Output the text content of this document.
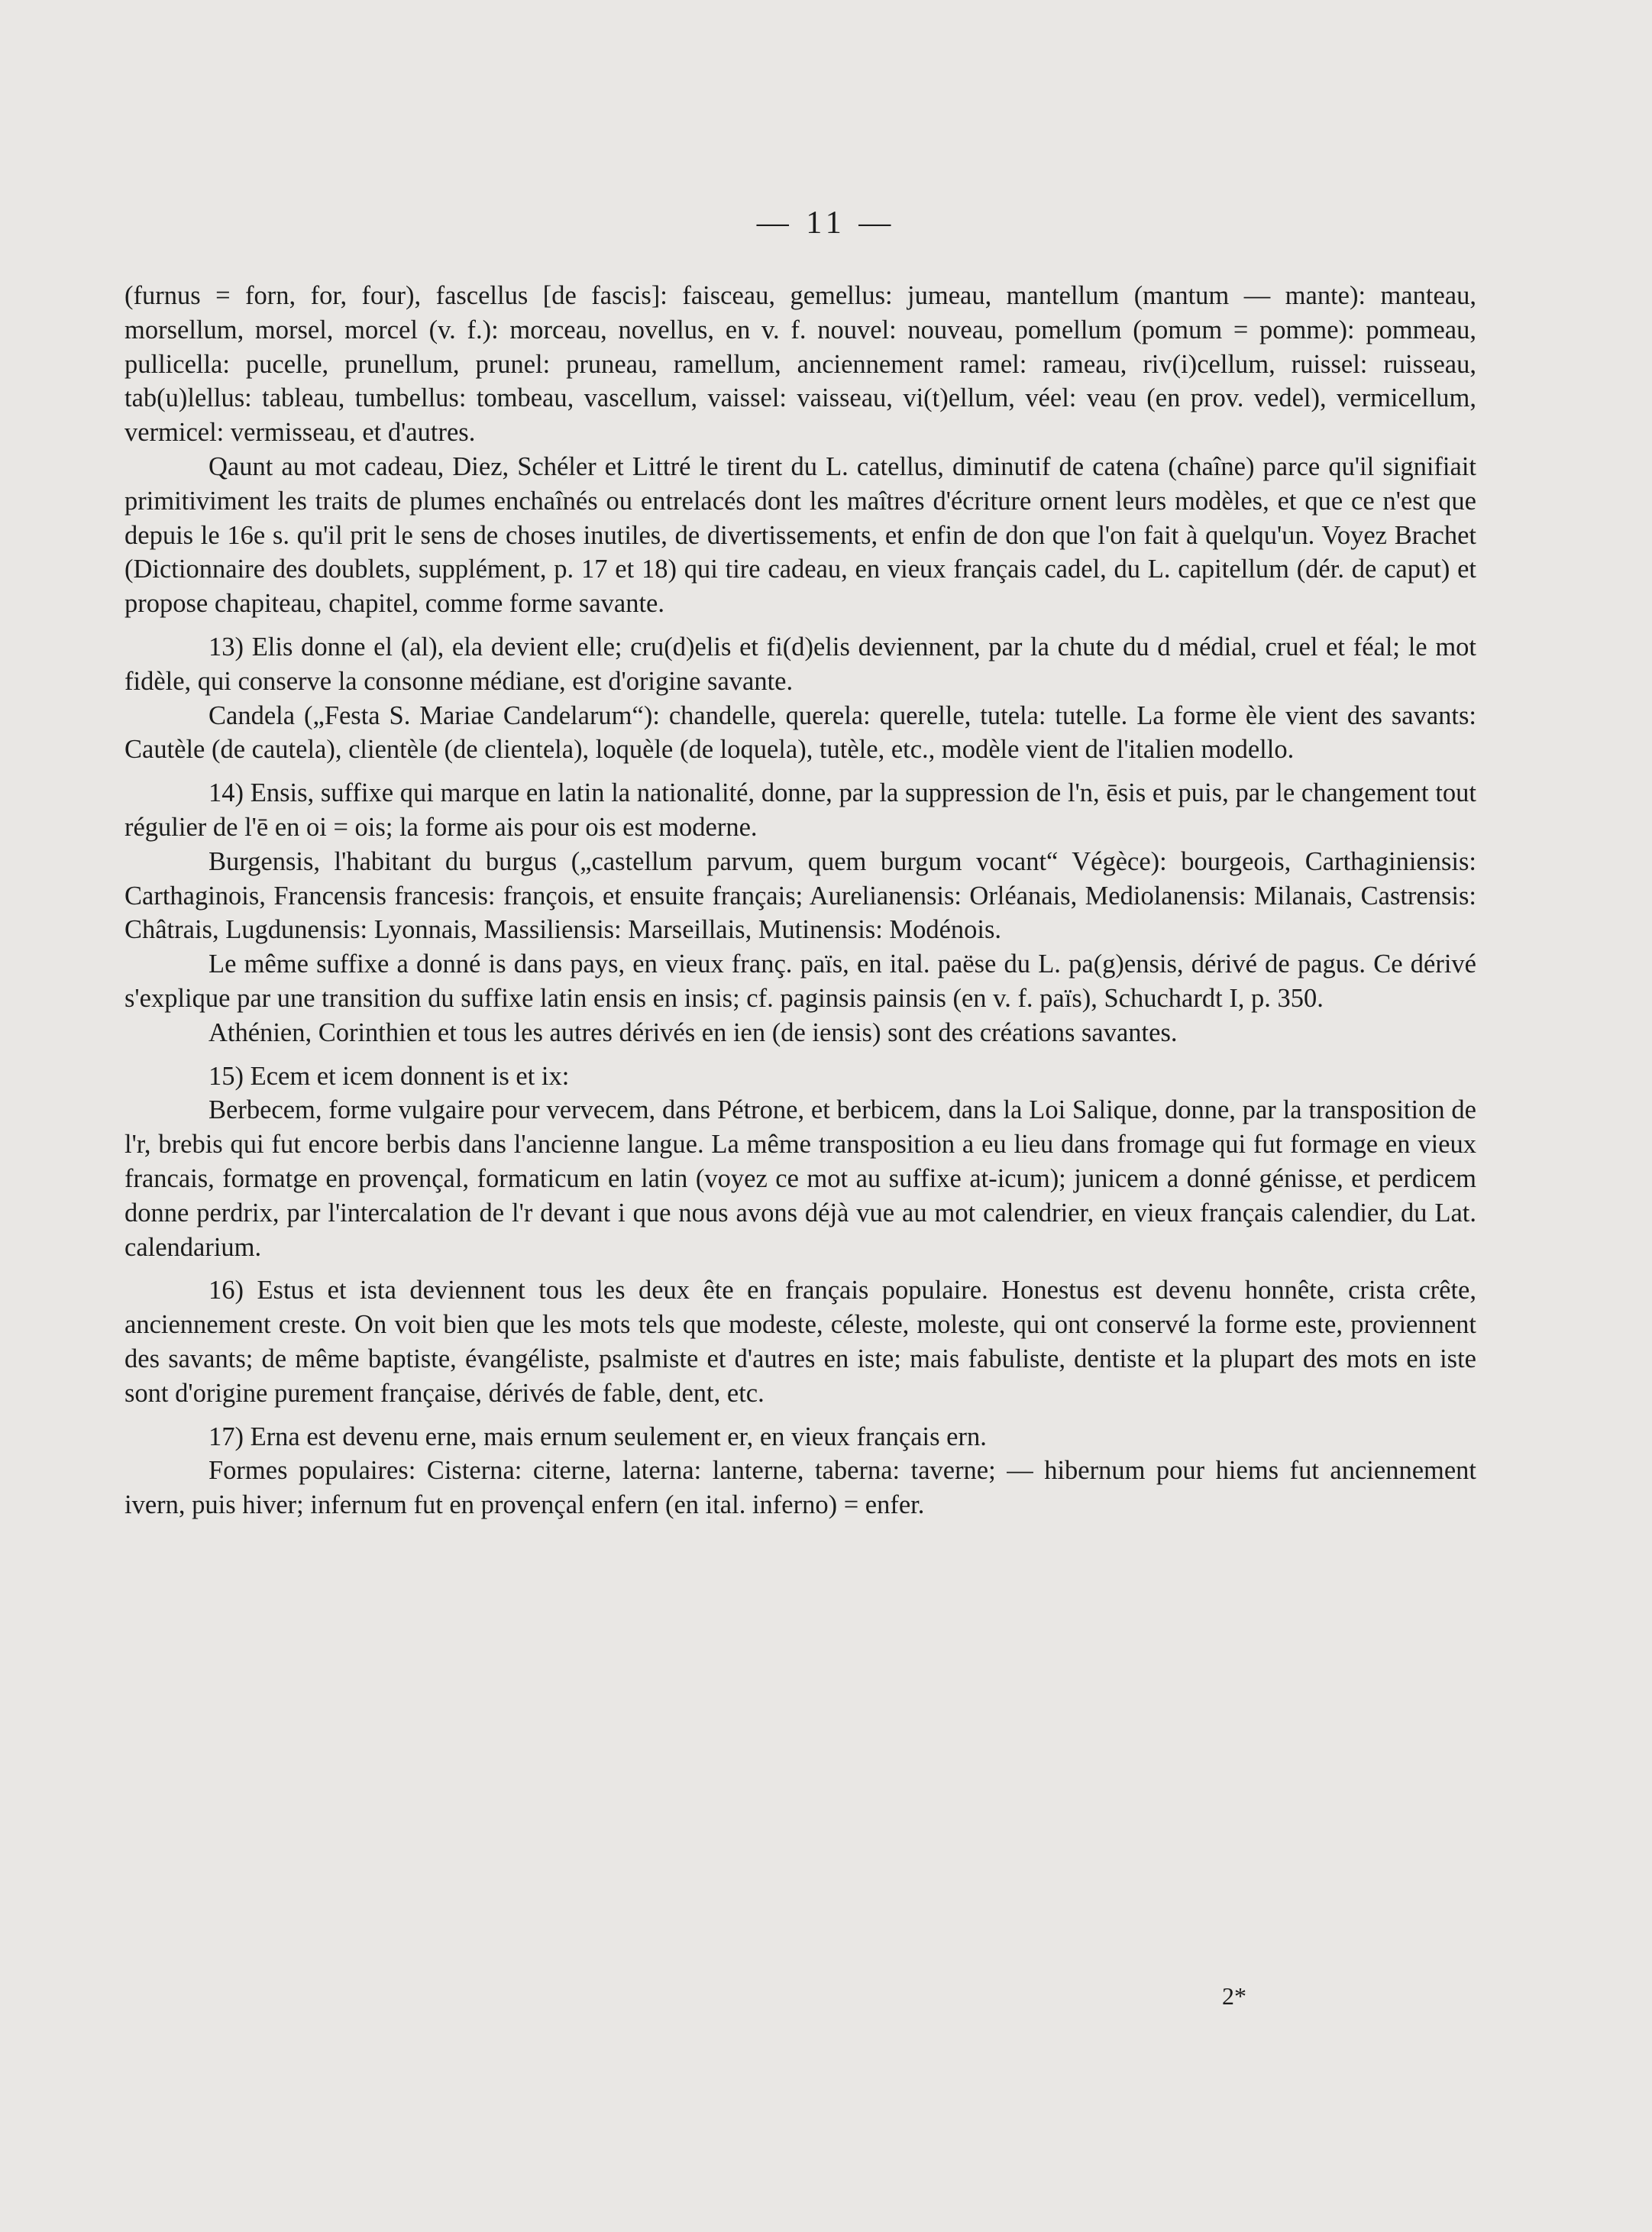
— 11 —

(furnus = forn, for, four), fascellus [de fascis]: faisceau, gemellus: jumeau, mantellum (mantum — mante): manteau, morsellum, morsel, morcel (v. f.): morceau, novellus, en v. f. nouvel: nouveau, pomellum (pomum = pomme): pommeau, pullicella: pucelle, prunellum, prunel: pruneau, ramellum, anciennement ramel: rameau, riv(i)cellum, ruissel: ruisseau, tab(u)lellus: tableau, tumbellus: tombeau, vascellum, vaissel: vaisseau, vi(t)ellum, véel: veau (en prov. vedel), vermicellum, vermicel: vermisseau, et d'autres.

Qaunt au mot cadeau, Diez, Schéler et Littré le tirent du L. catellus, diminutif de catena (chaîne) parce qu'il signifiait primitiviment les traits de plumes enchaînés ou entrelacés dont les maîtres d'écriture ornent leurs modèles, et que ce n'est que depuis le 16e s. qu'il prit le sens de choses inutiles, de divertissements, et enfin de don que l'on fait à quelqu'un. Voyez Brachet (Dictionnaire des doublets, supplément, p. 17 et 18) qui tire cadeau, en vieux français cadel, du L. capitellum (dér. de caput) et propose chapiteau, chapitel, comme forme savante.

13) Elis donne el (al), ela devient elle; cru(d)elis et fi(d)elis deviennent, par la chute du d médial, cruel et féal; le mot fidèle, qui conserve la consonne médiane, est d'origine savante.

Candela („Festa S. Mariae Candelarum“): chandelle, querela: querelle, tutela: tutelle. La forme èle vient des savants: Cautèle (de cautela), clientèle (de clientela), loquèle (de loquela), tutèle, etc., modèle vient de l'italien modello.

14) Ensis, suffixe qui marque en latin la nationalité, donne, par la suppression de l'n, ēsis et puis, par le changement tout régulier de l'ē en oi = ois; la forme ais pour ois est moderne.

Burgensis, l'habitant du burgus („castellum parvum, quem burgum vocant“ Végèce): bourgeois, Carthaginiensis: Carthaginois, Francensis francesis: françois, et ensuite français; Aurelianensis: Orléanais, Mediolanensis: Milanais, Castrensis: Châtrais, Lugdunensis: Lyonnais, Massiliensis: Marseillais, Mutinensis: Modénois.

Le même suffixe a donné is dans pays, en vieux franç. païs, en ital. paëse du L. pa(g)ensis, dérivé de pagus. Ce dérivé s'explique par une transition du suffixe latin ensis en insis; cf. paginsis painsis (en v. f. païs), Schuchardt I, p. 350.

Athénien, Corinthien et tous les autres dérivés en ien (de iensis) sont des créations savantes.

15) Ecem et icem donnent is et ix:

Berbecem, forme vulgaire pour vervecem, dans Pétrone, et berbicem, dans la Loi Salique, donne, par la transposition de l'r, brebis qui fut encore berbis dans l'ancienne langue. La même transposition a eu lieu dans fromage qui fut formage en vieux francais, formatge en provençal, formaticum en latin (voyez ce mot au suffixe at-icum); junicem a donné génisse, et perdicem donne perdrix, par l'intercalation de l'r devant i que nous avons déjà vue au mot calendrier, en vieux français calendier, du Lat. calendarium.

16) Estus et ista deviennent tous les deux ête en français populaire. Honestus est devenu honnête, crista crête, anciennement creste. On voit bien que les mots tels que modeste, céleste, moleste, qui ont conservé la forme este, proviennent des savants; de même baptiste, évangéliste, psalmiste et d'autres en iste; mais fabuliste, dentiste et la plupart des mots en iste sont d'origine purement française, dérivés de fable, dent, etc.

17) Erna est devenu erne, mais ernum seulement er, en vieux français ern.

Formes populaires: Cisterna: citerne, laterna: lanterne, taberna: taverne; — hibernum pour hiems fut anciennement ivern, puis hiver; infernum fut en provençal enfern (en ital. inferno) = enfer.

2*
